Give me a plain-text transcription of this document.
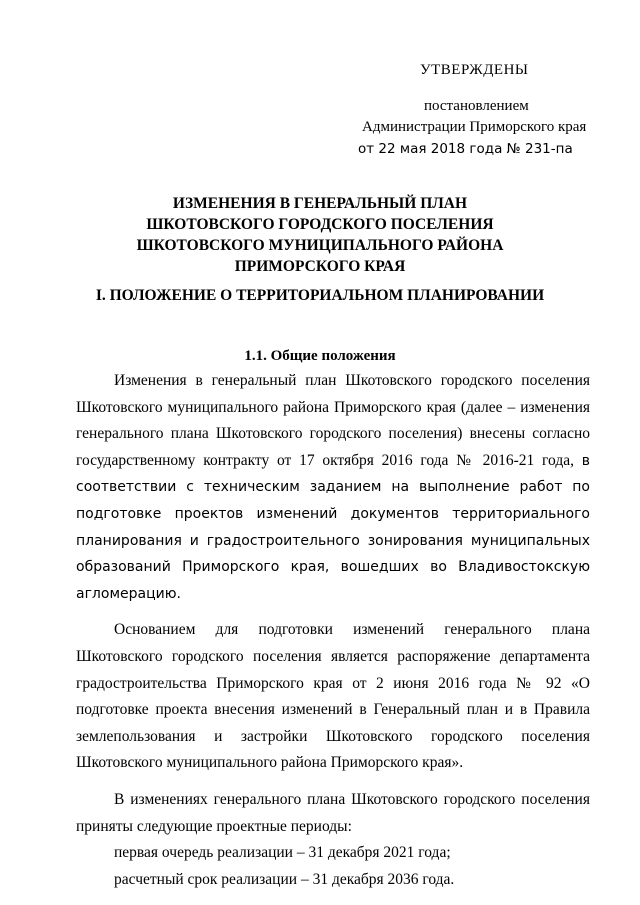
УТВЕРЖДЕНЫ
постановлением
Администрации Приморского края
от 22 мая 2018 года № 231-па
ИЗМЕНЕНИЯ В ГЕНЕРАЛЬНЫЙ ПЛАН
ШКОТОВСКОГО ГОРОДСКОГО ПОСЕЛЕНИЯ
ШКОТОВСКОГО МУНИЦИПАЛЬНОГО РАЙОНА
ПРИМОРСКОГО КРАЯ
I. ПОЛОЖЕНИЕ О ТЕРРИТОРИАЛЬНОМ ПЛАНИРОВАНИИ
1.1. Общие положения

Изменения в генеральный план Шкотовского городского поселения Шкотовского муниципального района Приморского края (далее – изменения генерального плана Шкотовского городского поселения) внесены согласно государственному контракту от 17 октября 2016 года № 2016-21 года, в соответствии с техническим заданием на выполнение работ по подготовке проектов изменений документов территориального планирования и градостроительного зонирования муниципальных образований Приморского края, вошедших во Владивостокскую агломерацию.

Основанием для подготовки изменений генерального плана Шкотовского городского поселения является распоряжение департамента градостроительства Приморского края от 2 июня 2016 года № 92 «О подготовке проекта внесения изменений в Генеральный план и в Правила землепользования и застройки Шкотовского городского поселения Шкотовского муниципального района Приморского края».

В изменениях генерального плана Шкотовского городского поселения приняты следующие проектные периоды:

первая очередь реализации – 31 декабря 2021 года;

расчетный срок реализации – 31 декабря 2036 года.
